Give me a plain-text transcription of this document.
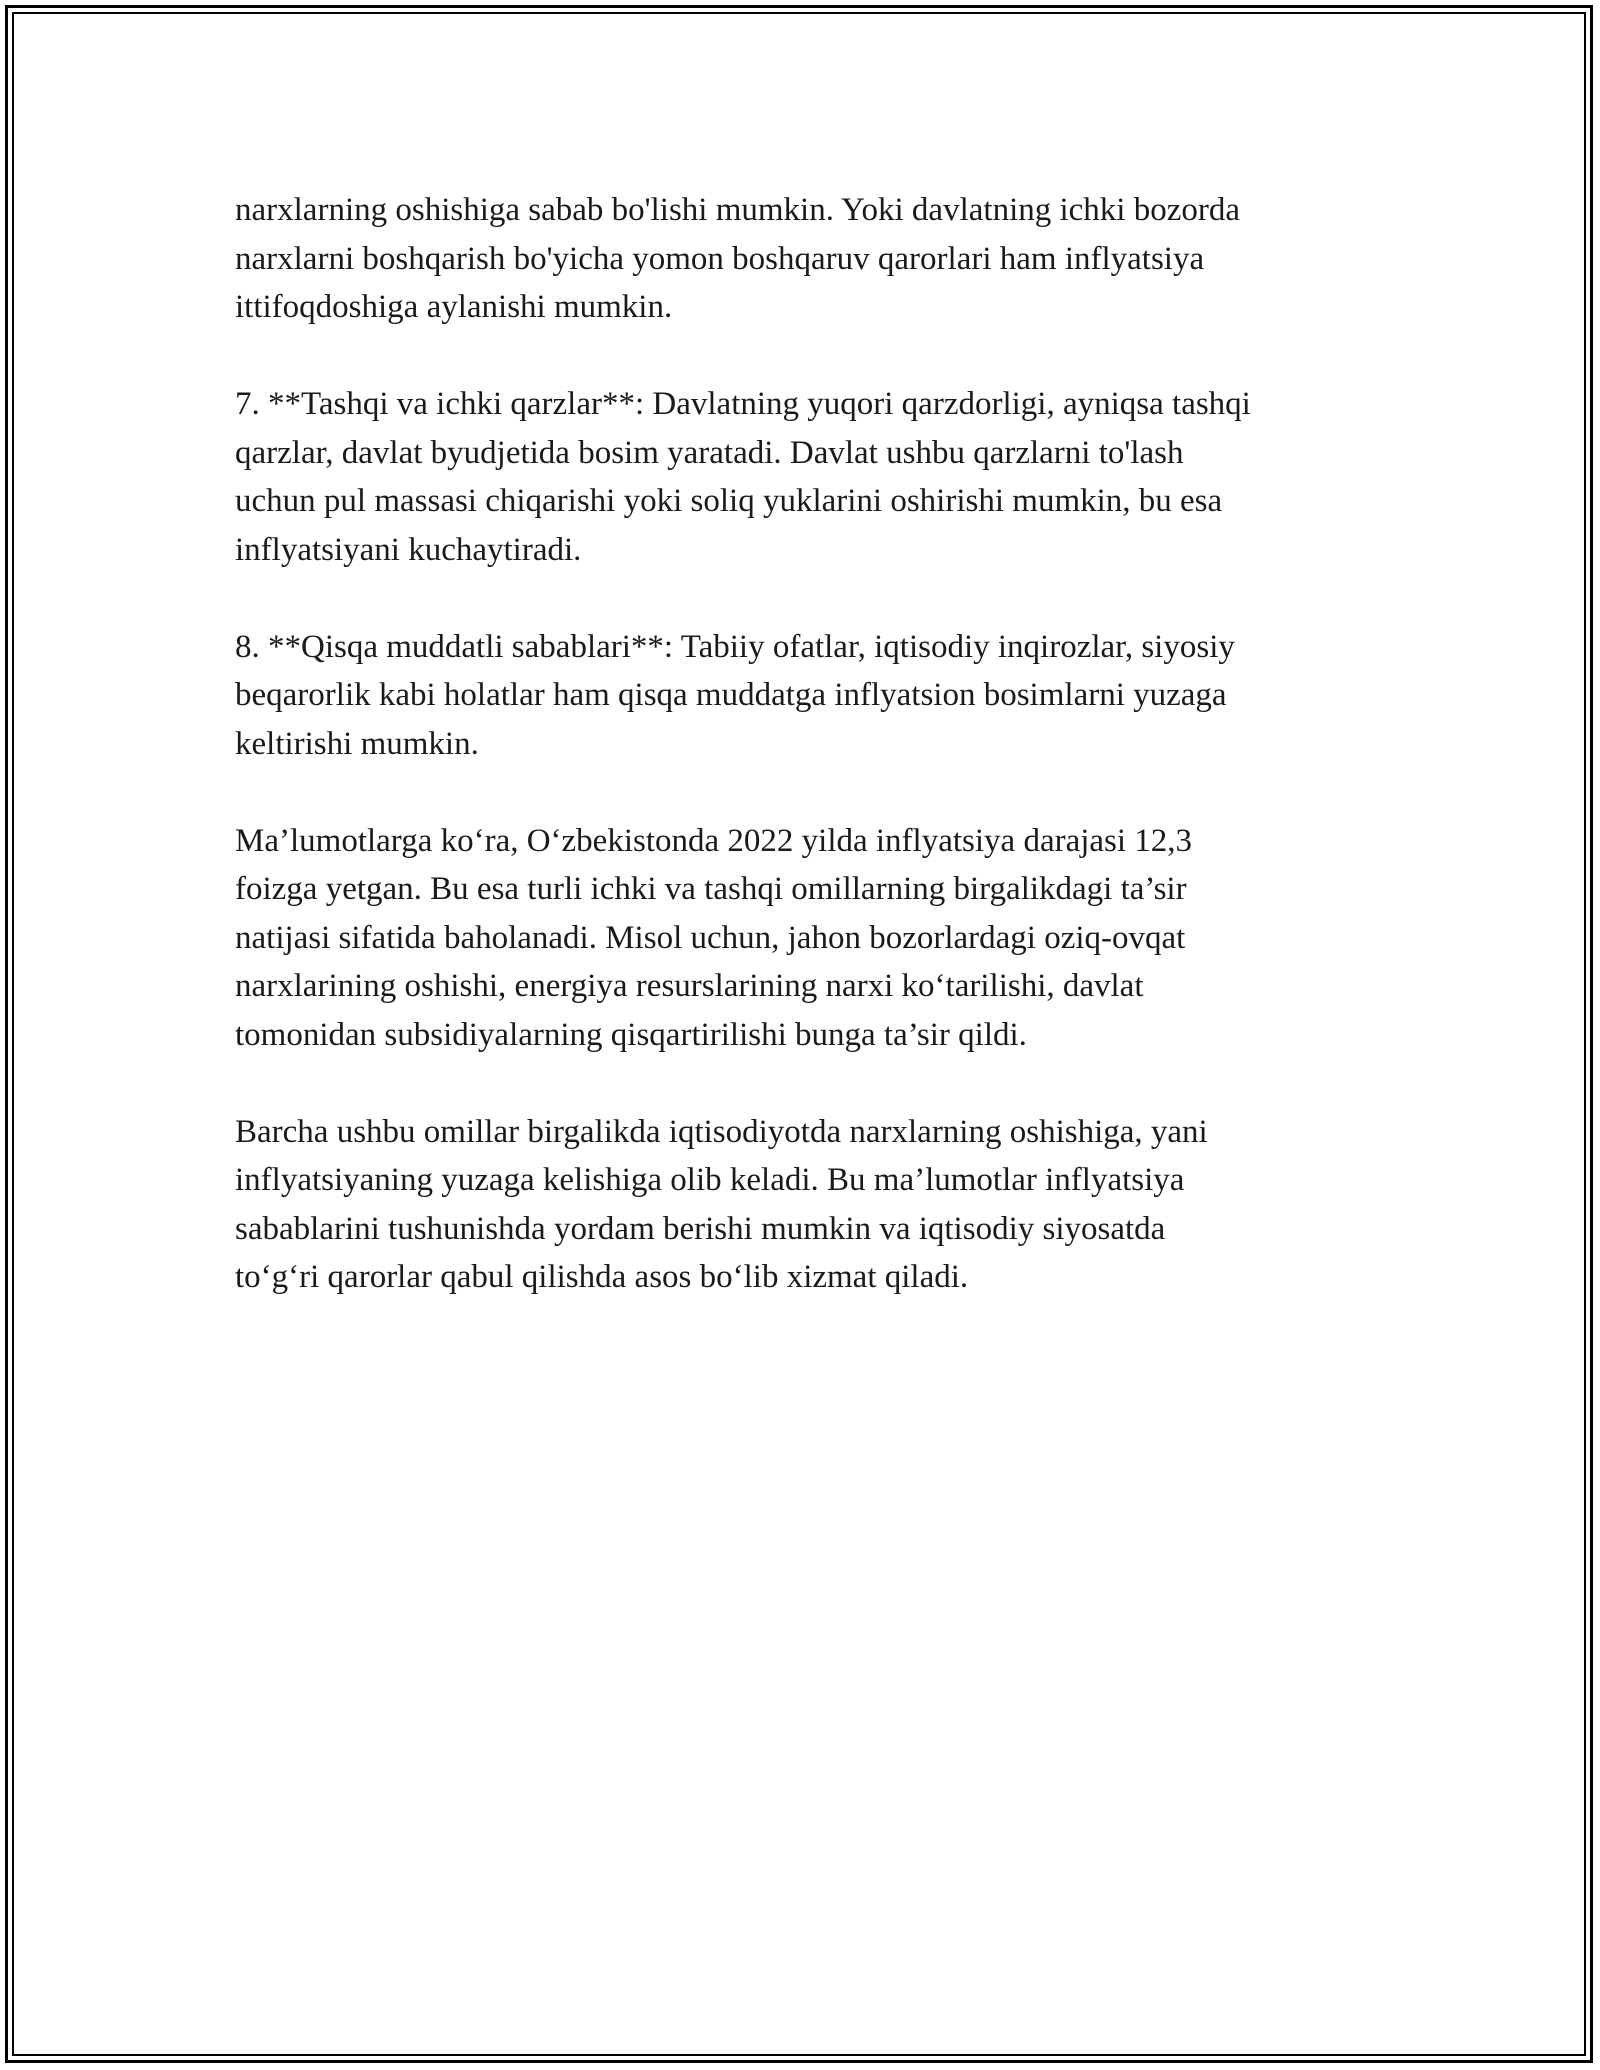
narxlarning oshishiga sabab bo'lishi mumkin. Yoki davlatning ichki bozorda
narxlarni boshqarish bo'yicha yomon boshqaruv qarorlari ham inflyatsiya
ittifoqdoshiga aylanishi mumkin.

7. **Tashqi va ichki qarzlar**: Davlatning yuqori qarzdorligi, ayniqsa tashqi
qarzlar, davlat byudjetida bosim yaratadi. Davlat ushbu qarzlarni to'lash
uchun pul massasi chiqarishi yoki soliq yuklarini oshirishi mumkin, bu esa
inflyatsiyani kuchaytiradi.

8. **Qisqa muddatli sabablari**: Tabiiy ofatlar, iqtisodiy inqirozlar, siyosiy
beqarorlik kabi holatlar ham qisqa muddatga inflyatsion bosimlarni yuzaga
keltirishi mumkin.

Ma’lumotlarga ko‘ra, O‘zbekistonda 2022 yilda inflyatsiya darajasi 12,3
foizga yetgan. Bu esa turli ichki va tashqi omillarning birgalikdagi ta’sir
natijasi sifatida baholanadi. Misol uchun, jahon bozorlardagi oziq-ovqat
narxlarining oshishi, energiya resurslarining narxi ko‘tarilishi, davlat
tomonidan subsidiyalarning qisqartirilishi bunga ta’sir qildi.

Barcha ushbu omillar birgalikda iqtisodiyotda narxlarning oshishiga, yani
inflyatsiyaning yuzaga kelishiga olib keladi. Bu ma’lumotlar inflyatsiya
sabablarini tushunishda yordam berishi mumkin va iqtisodiy siyosatda
to‘g‘ri qarorlar qabul qilishda asos bo‘lib xizmat qiladi.
